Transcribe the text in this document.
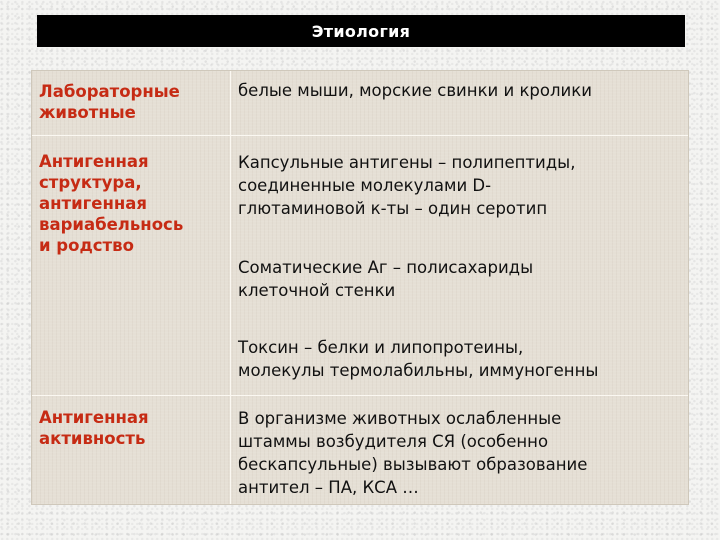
Этиология
Лабораторные
животные
белые мыши, морские свинки и кролики
Антигенная
структура,
антигенная
вариабельнось
и родство
Капсульные антигены – полипептиды,
соединенные молекулами D-
глютаминовой к-ты – один серотип
Соматические Аг – полисахариды
клеточной стенки
Токсин – белки и липопротеины,
молекулы термолабильны, иммуногенны
Антигенная
активность
В организме животных ослабленные
штаммы возбудителя СЯ (особенно
бескапсульные) вызывают образование
антител – ПА, КСА …
